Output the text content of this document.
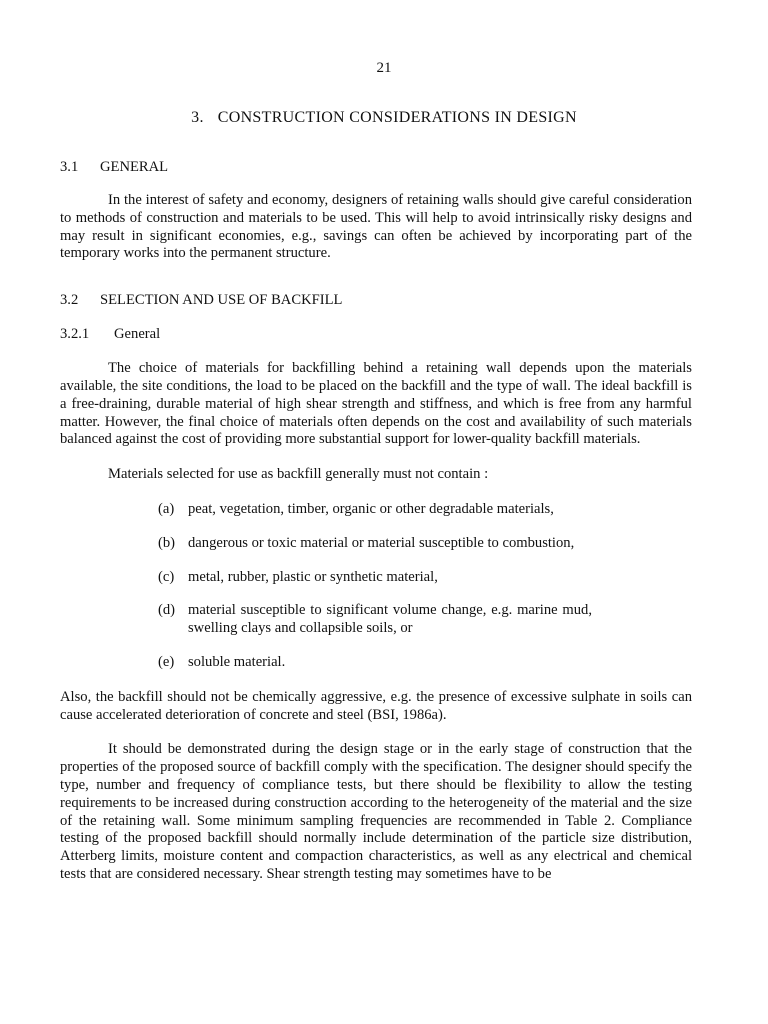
21
3. CONSTRUCTION CONSIDERATIONS IN DESIGN
3.1 GENERAL

In the interest of safety and economy, designers of retaining walls should give careful consideration to methods of construction and materials to be used. This will help to avoid intrinsically risky designs and may result in significant economies, e.g., savings can often be achieved by incorporating part of the temporary works into the permanent structure.

3.2 SELECTION AND USE OF BACKFILL
3.2.1 General

The choice of materials for backfilling behind a retaining wall depends upon the materials available, the site conditions, the load to be placed on the backfill and the type of wall. The ideal backfill is a free-draining, durable material of high shear strength and stiffness, and which is free from any harmful matter. However, the final choice of materials often depends on the cost and availability of such materials balanced against the cost of providing more substantial support for lower-quality backfill materials.

Materials selected for use as backfill generally must not contain :

(a) peat, vegetation, timber, organic or other degradable materials,
(b) dangerous or toxic material or material susceptible to combustion,
(c) metal, rubber, plastic or synthetic material,
(d) material susceptible to significant volume change, e.g. marine mud, swelling clays and collapsible soils, or
(e) soluble material.

Also, the backfill should not be chemically aggressive, e.g. the presence of excessive sulphate in soils can cause accelerated deterioration of concrete and steel (BSI, 1986a).

It should be demonstrated during the design stage or in the early stage of construction that the properties of the proposed source of backfill comply with the specification. The designer should specify the type, number and frequency of compliance tests, but there should be flexibility to allow the testing requirements to be increased during construction according to the heterogeneity of the material and the size of the retaining wall. Some minimum sampling frequencies are recommended in Table 2. Compliance testing of the proposed backfill should normally include determination of the particle size distribution, Atterberg limits, moisture content and compaction characteristics, as well as any electrical and chemical tests that are considered necessary. Shear strength testing may sometimes have to be
